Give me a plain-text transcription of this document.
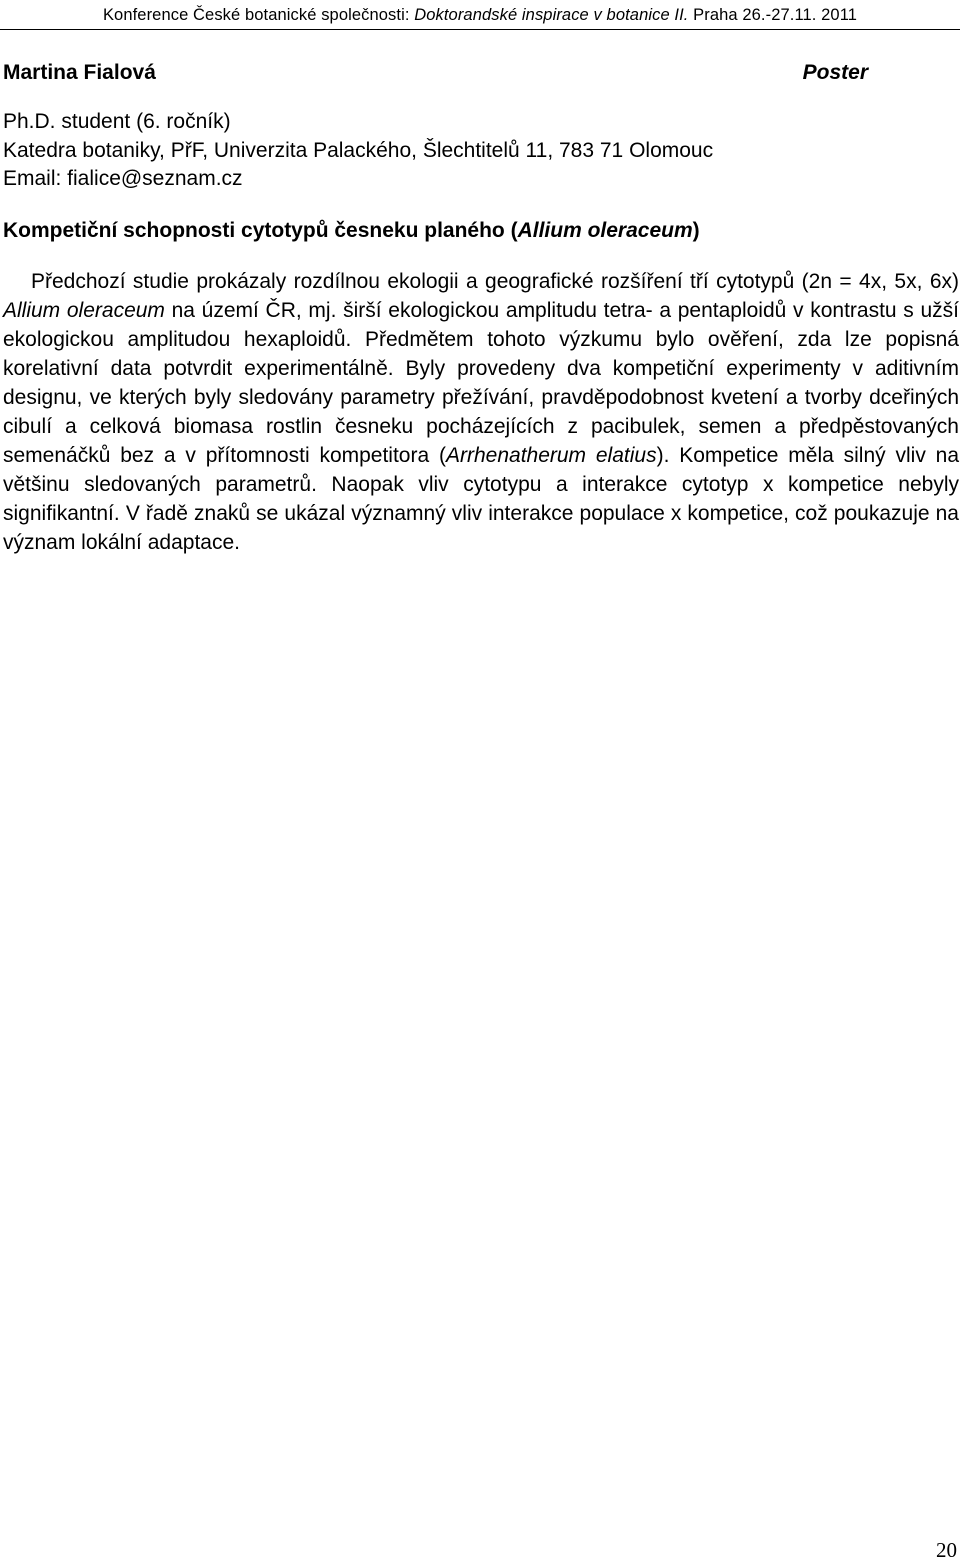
Konference České botanické společnosti: Doktorandské inspirace v botanice II. Praha 26.-27.11. 2011
Martina Fialová	Poster
Ph.D. student (6. ročník)
Katedra botaniky, PřF, Univerzita Palackého, Šlechtitelů 11, 783 71 Olomouc
Email: fialice@seznam.cz
Kompetiční schopnosti cytotypů česneku planého (Allium oleraceum)

Předchozí studie prokázaly rozdílnou ekologii a geografické rozšíření tří cytotypů (2n = 4x, 5x, 6x) Allium oleraceum na území ČR, mj. širší ekologickou amplitudu tetra- a pentaploidů v kontrastu s užší ekologickou amplitudou hexaploidů. Předmětem tohoto výzkumu bylo ověření, zda lze popisná korelativní data potvrdit experimentálně. Byly provedeny dva kompetiční experimenty v aditivním designu, ve kterých byly sledovány parametry přežívání, pravděpodobnost kvetení a tvorby dceřiných cibulí a celková biomasa rostlin česneku pocházejících z pacibulek, semen a předpěstovaných semenáčků bez a v přítomnosti kompetitora (Arrhenatherum elatius). Kompetice měla silný vliv na většinu sledovaných parametrů. Naopak vliv cytotypu a interakce cytotyp x kompetice nebyly signifikantní. V řadě znaků se ukázal významný vliv interakce populace x kompetice, což poukazuje na význam lokální adaptace.

20
